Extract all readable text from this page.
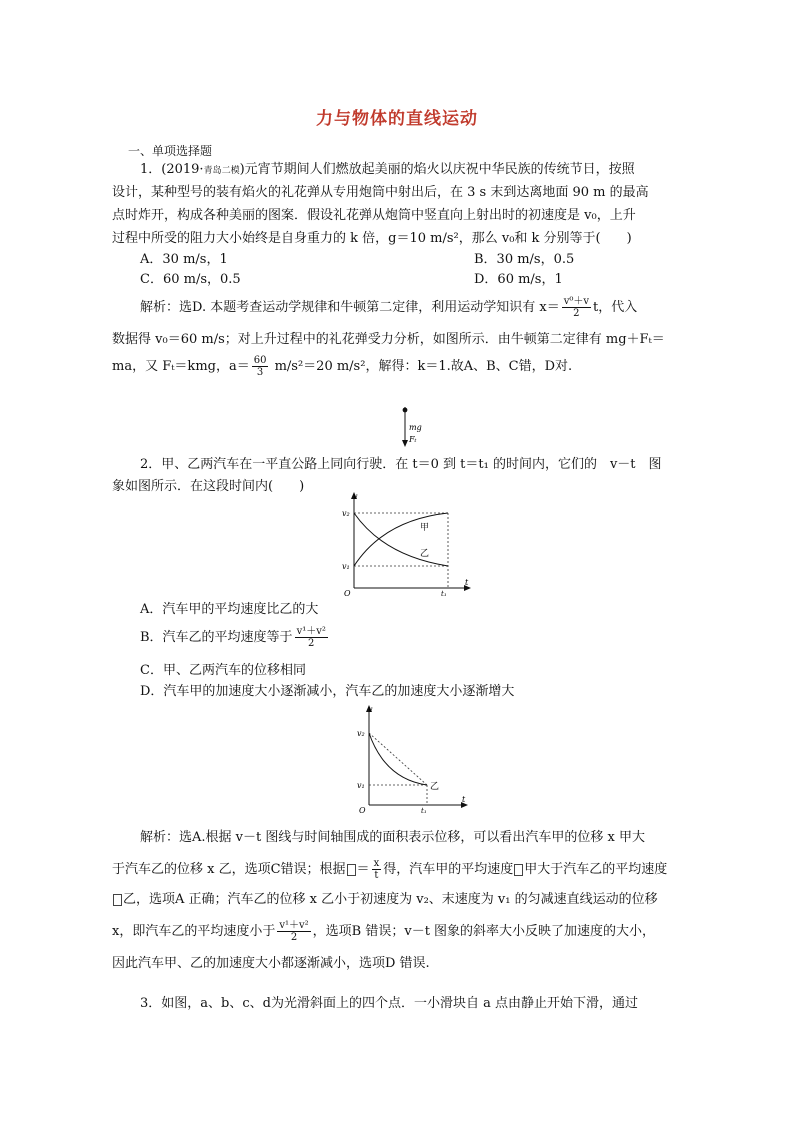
力与物体的直线运动
一、单项选择题
1．(2019·青岛二模)元宵节期间人们燃放起美丽的焰火以庆祝中华民族的传统节日，按照
设计，某种型号的装有焰火的礼花弹从专用炮筒中射出后，在 3 s 末到达离地面 90 m 的最高
点时炸开，构成各种美丽的图案．假设礼花弹从炮筒中竖直向上射出时的初速度是 v₀，上升
过程中所受的阻力大小始终是自身重力的 k 倍，g＝10 m/s²，那么 v₀和 k 分别等于(　　)
A．30 m/s，1	B．30 m/s，0.5
C．60 m/s，0.5	D．60 m/s，1
解析：选D. 本题考查运动学规律和牛顿第二定律，利用运动学知识有 $x= \frac{\text{v⁰＋v}}{2}$ t，代入
数据得 v₀＝60 m/s；对上升过程中的礼花弹受力分析，如图所示．由牛顿第二定律有 mg＋Fₜ＝
ma，又 Fₜ＝kmg，$a= \frac{60}{3} m/s^2=20$ m/s²，解得：k＝1.故A、B、C错，D对.
mg
Fₜ
2．甲、乙两汽车在一平直公路上同向行驶．在 t＝0 到 t＝t₁ 的时间内，它们的　v－t　图
象如图所示．在这段时间内(　　)
v
v₂
v₁
O
t
t₁
甲
乙
A．汽车甲的平均速度比乙的大
B．汽车乙的平均速度等于 $\frac{\text{v¹＋v²}}{2}$
C．甲、乙两汽车的位移相同
D．汽车甲的加速度大小逐渐减小，汽车乙的加速度大小逐渐增大
v
v₂
v₁
O
t
t₁
乙
解析：选A.根据 v－t 图线与时间轴围成的面积表示位移，可以看出汽车甲的位移 x 甲大
于汽车乙的位移 x 乙，选项C错误；根据 ＝ $\frac{x}{t}$ 得，汽车甲的平均速度 甲大于汽车乙的平均速度
乙，选项A 正确；汽车乙的位移 x 乙小于初速度为 v₂、末速度为 v₁ 的匀减速直线运动的位移
x，即汽车乙的平均速度小于 $\frac{\text{v¹＋v²}}{2}$ ，选项B 错误；v－t 图象的斜率大小反映了加速度的大小，
因此汽车甲、乙的加速度大小都逐渐减小，选项D 错误.
3．如图，a、b、c、d为光滑斜面上的四个点．一小滑块自 a 点由静止开始下滑，通过
